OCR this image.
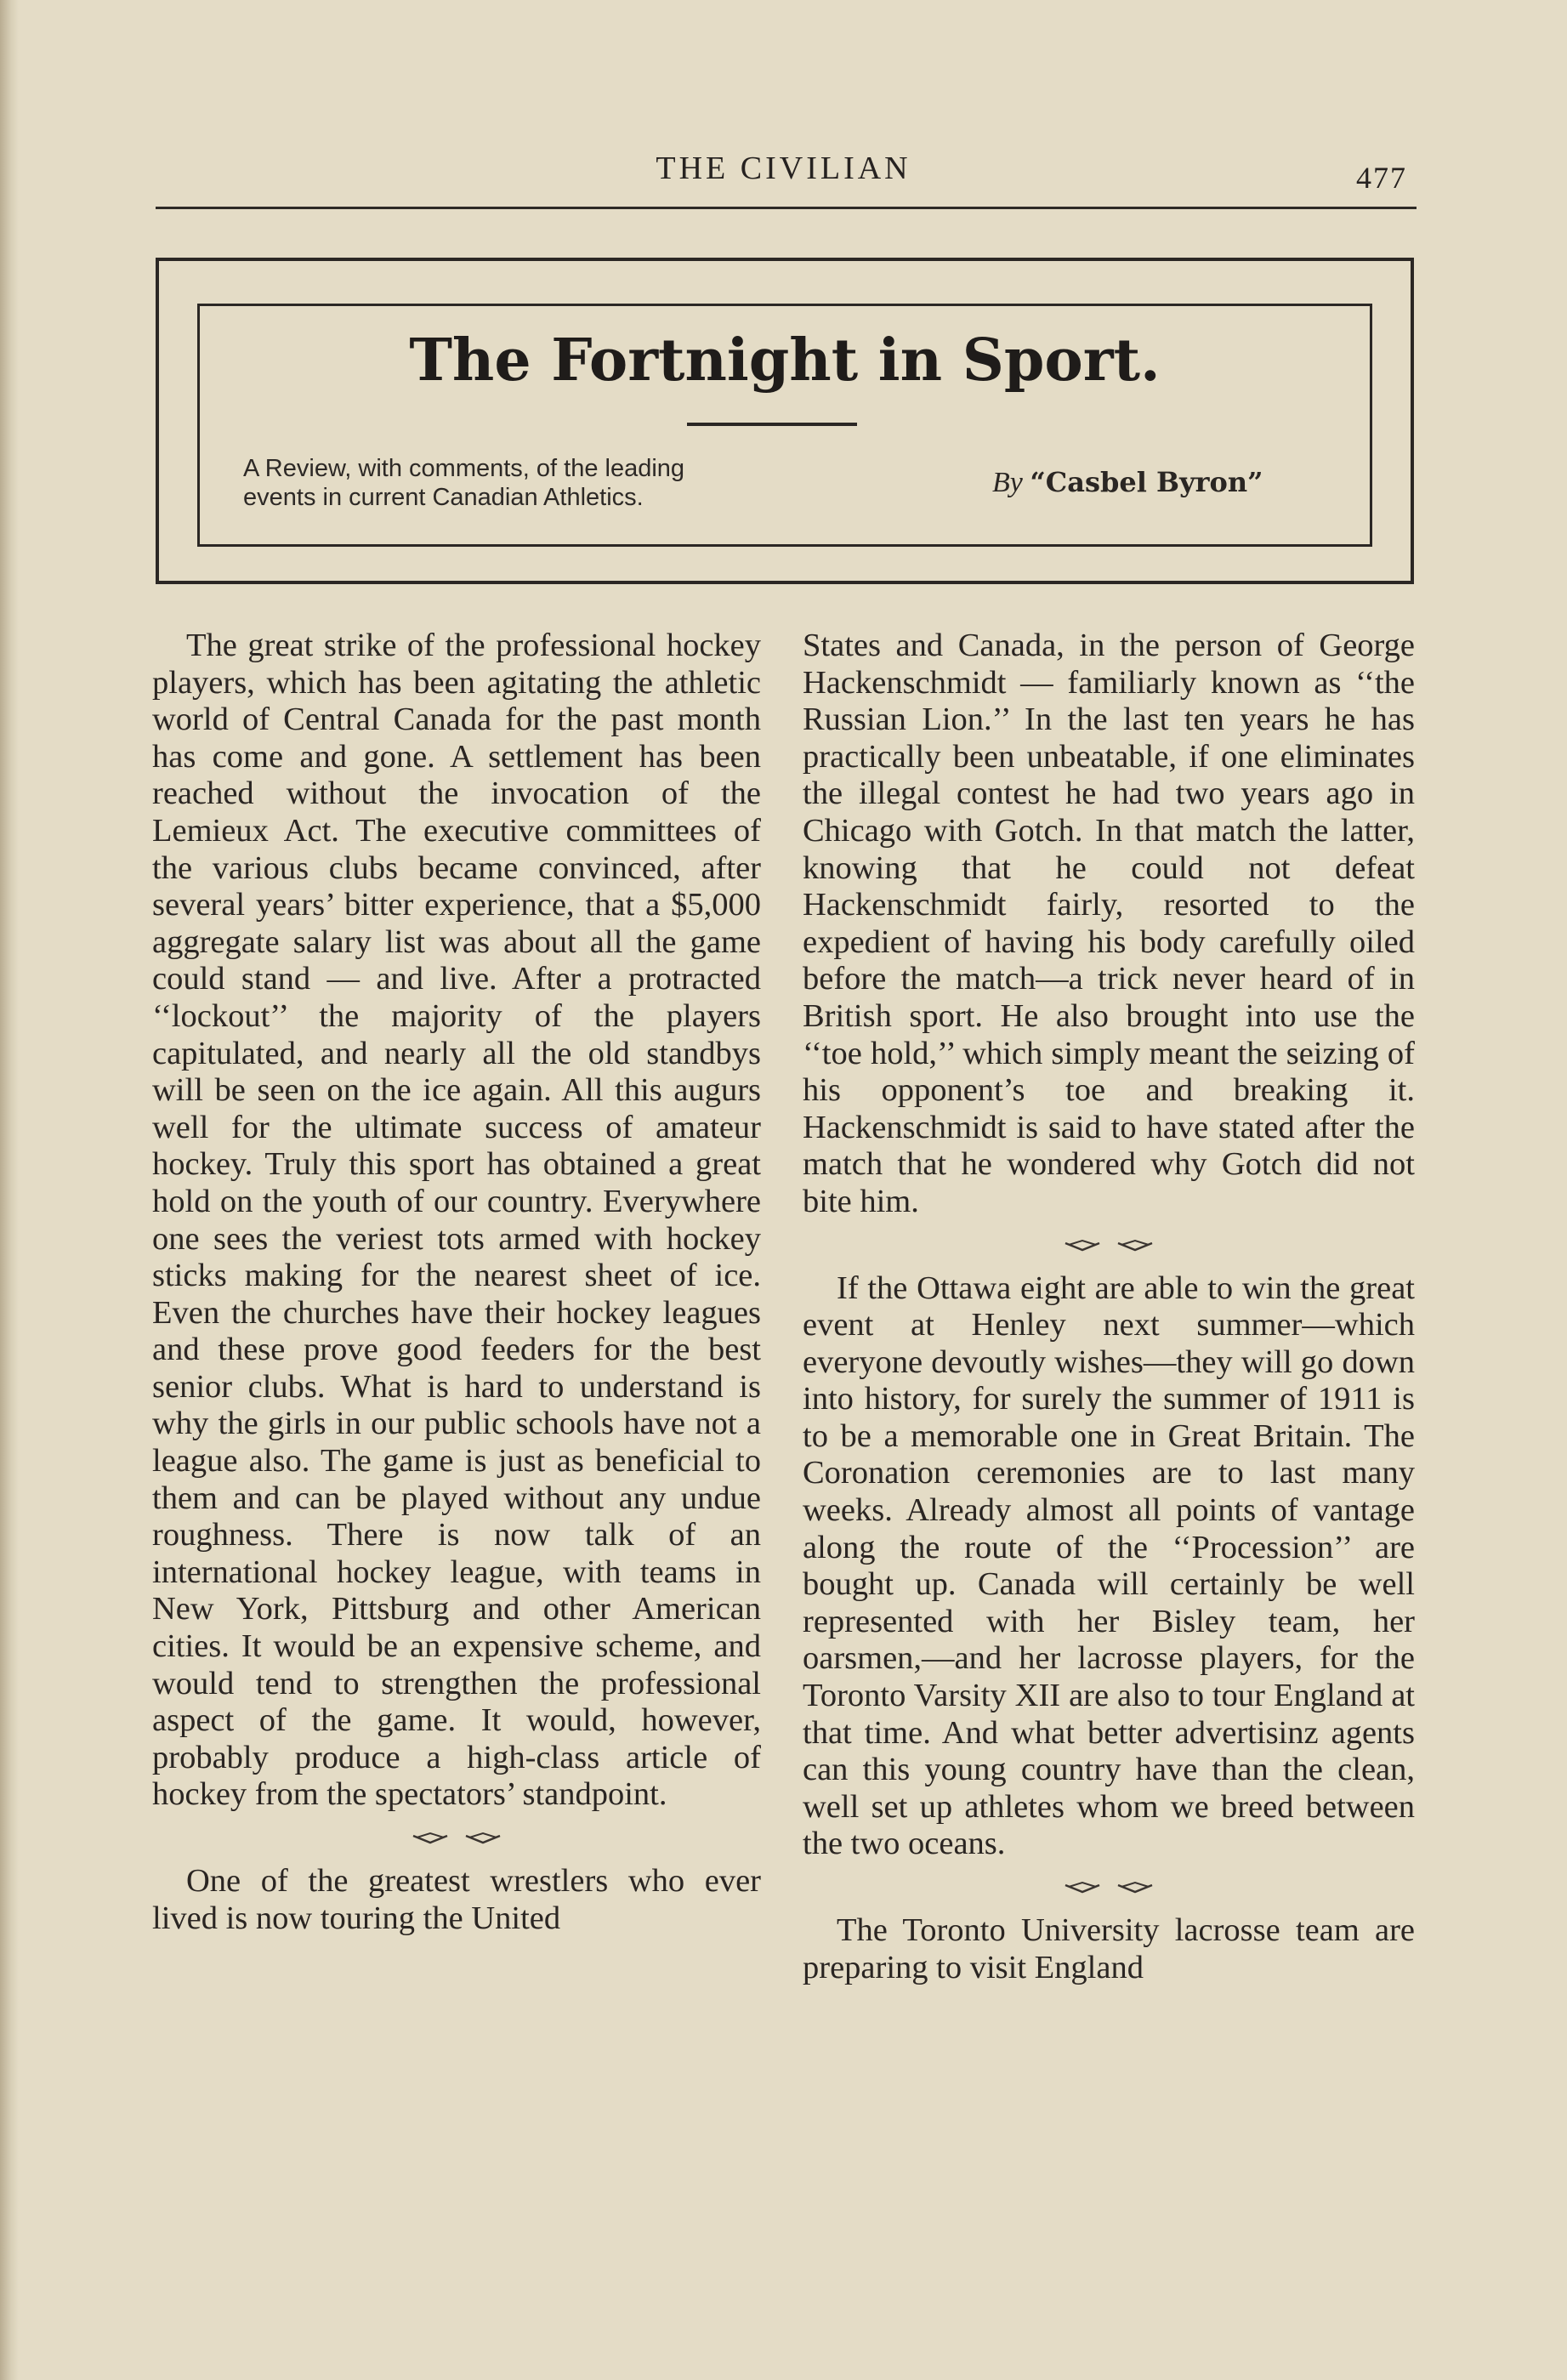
THE CIVILIAN	477
The Fortnight in Sport.
A Review, with comments, of the leading
events in current Canadian Athletics.	By “Casbel Byron”

The great strike of the professional hockey players, which has been agitating the athletic world of Central Canada for the past month has come and gone. A settlement has been reached without the invocation of the Lemieux Act. The executive committees of the various clubs became convinced, after several years’ bitter experience, that a $5,000 aggregate salary list was about all the game could stand — and live. After a protracted ‘‘lockout’’ the majority of the players capitulated, and nearly all the old standbys will be seen on the ice again. All this augurs well for the ultimate success of amateur hockey. Truly this sport has obtained a great hold on the youth of our country. Everywhere one sees the veriest tots armed with hockey sticks making for the nearest sheet of ice. Even the churches have their hockey leagues and these prove good feeders for the best senior clubs. What is hard to understand is why the girls in our public schools have not a league also. The game is just as beneficial to them and can be played without any undue roughness. There is now talk of an international hockey league, with teams in New York, Pittsburg and other American cities. It would be an expensive scheme, and would tend to strengthen the professional aspect of the game. It would, however, probably produce a high-class article of hockey from the spectators’ standpoint.

One of the greatest wrestlers who ever lived is now touring the United

States and Canada, in the person of George Hackenschmidt — familiarly known as ‘‘the Russian Lion.’’ In the last ten years he has practically been unbeatable, if one eliminates the illegal contest he had two years ago in Chicago with Gotch. In that match the latter, knowing that he could not defeat Hackenschmidt fairly, resorted to the expedient of having his body carefully oiled before the match—a trick never heard of in British sport. He also brought into use the ‘‘toe hold,’’ which simply meant the seizing of his opponent’s toe and breaking it. Hackenschmidt is said to have stated after the match that he wondered why Gotch did not bite him.

If the Ottawa eight are able to win the great event at Henley next summer—which everyone devoutly wishes—they will go down into history, for surely the summer of 1911 is to be a memorable one in Great Britain. The Coronation ceremonies are to last many weeks. Already almost all points of vantage along the route of the ‘‘Procession’’ are bought up. Canada will certainly be well represented with her Bisley team, her oarsmen,—and her lacrosse players, for the Toronto Varsity XII are also to tour England at that time. And what better advertisinz agents can this young country have than the clean, well set up athletes whom we breed between the two oceans.

The Toronto University lacrosse team are preparing to visit England
